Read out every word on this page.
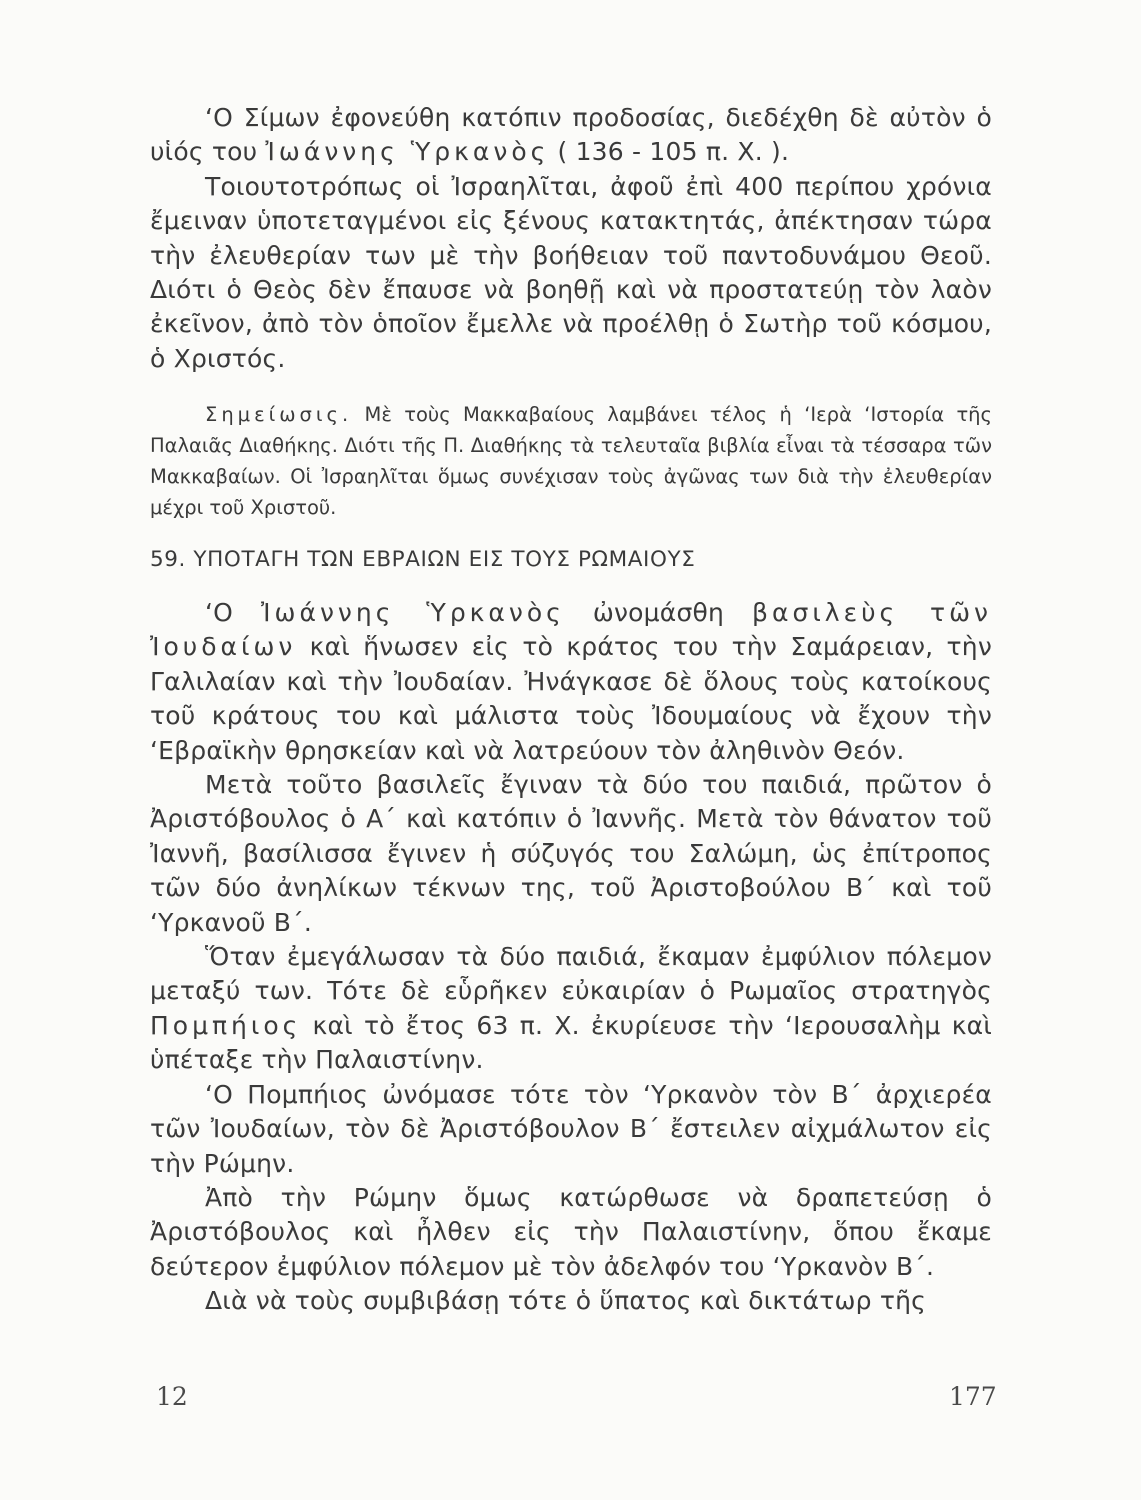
‘Ο Σίμων ἐφονεύθη κατόπιν προδοσίας, διεδέχθη δὲ αὐτὸν ὁ υἱός του Ἰωάννης Ὑρκανὸς ( 136 - 105 π. Χ. ).

Τοιουτοτρόπως οἱ Ἰσραηλῖται, ἀφοῦ ἐπὶ 400 περίπου χρόνια ἔμειναν ὑποτεταγμένοι εἰς ξένους κατακτητάς, ἀπέκτησαν τώρα τὴν ἐλευθερίαν των μὲ τὴν βοήθειαν τοῦ παντοδυνάμου Θεοῦ. Διότι ὁ Θεὸς δὲν ἔπαυσε νὰ βοηθῇ καὶ νὰ προστατεύῃ τὸν λαὸν ἐκεῖνον, ἀπὸ τὸν ὁποῖον ἔμελλε νὰ προέλθῃ ὁ Σωτὴρ τοῦ κόσμου, ὁ Χριστός.

Σημείωσις. Μὲ τοὺς Μακκαβαίους λαμβάνει τέλος ἡ ‘Ιερὰ ‘Ιστορία τῆς Παλαιᾶς Διαθήκης. Διότι τῆς Π. Διαθήκης τὰ τελευταῖα βιβλία εἶναι τὰ τέσσαρα τῶν Μακκαβαίων. Οἱ Ἰσραηλῖται ὅμως συνέχισαν τοὺς ἀγῶνας των διὰ τὴν ἐλευθερίαν μέχρι τοῦ Χριστοῦ.

59. ΥΠΟΤΑΓΗ ΤΩΝ ΕΒΡΑΙΩΝ ΕΙΣ ΤΟΥΣ ΡΩΜΑΙΟΥΣ

‘Ο Ἰωάννης Ὑρκανὸς ὠνομάσθη βασιλεὺς τῶν Ἰουδαίων καὶ ἥνωσεν εἰς τὸ κράτος του τὴν Σαμάρειαν, τὴν Γαλιλαίαν καὶ τὴν Ἰουδαίαν. Ἠνάγκασε δὲ ὅλους τοὺς κατοίκους τοῦ κράτους του καὶ μάλιστα τοὺς Ἰδουμαίους νὰ ἔχουν τὴν ‘Εβραϊκὴν θρησκείαν καὶ νὰ λατρεύουν τὸν ἀληθινὸν Θεόν.

Μετὰ τοῦτο βασιλεῖς ἔγιναν τὰ δύο του παιδιά, πρῶτον ὁ Ἀριστόβουλος ὁ Α΄ καὶ κατόπιν ὁ Ἰαννῆς. Μετὰ τὸν θάνατον τοῦ Ἰαννῆ, βασίλισσα ἔγινεν ἡ σύζυγός του Σαλώμη, ὡς ἐπίτροπος τῶν δύο ἀνηλίκων τέκνων της, τοῦ Ἀριστοβούλου Β΄ καὶ τοῦ ‘Υρκανοῦ Β΄.

Ὅταν ἐμεγάλωσαν τὰ δύο παιδιά, ἔκαμαν ἐμφύλιον πόλεμον μεταξύ των. Τότε δὲ εὗρῆκεν εὐκαιρίαν ὁ Ρωμαῖος στρατηγὸς Πομπήιος καὶ τὸ ἔτος 63 π. Χ. ἐκυρίευσε τὴν ‘Ιερουσαλὴμ καὶ ὑπέταξε τὴν Παλαιστίνην.

‘Ο Πομπήιος ὠνόμασε τότε τὸν ‘Υρκανὸν τὸν Β΄ ἀρχιερέα τῶν Ἰουδαίων, τὸν δὲ Ἀριστόβουλον Β΄ ἔστειλεν αἰχμάλωτον εἰς τὴν Ρώμην.

Ἀπὸ τὴν Ρώμην ὅμως κατώρθωσε νὰ δραπετεύσῃ ὁ Ἀριστόβουλος καὶ ἦλθεν εἰς τὴν Παλαιστίνην, ὅπου ἔκαμε δεύτερον ἐμφύλιον πόλεμον μὲ τὸν ἀδελφόν του ‘Υρκανὸν Β΄.

Διὰ νὰ τοὺς συμβιβάσῃ τότε ὁ ὕπατος καὶ δικτάτωρ τῆς

12	177
